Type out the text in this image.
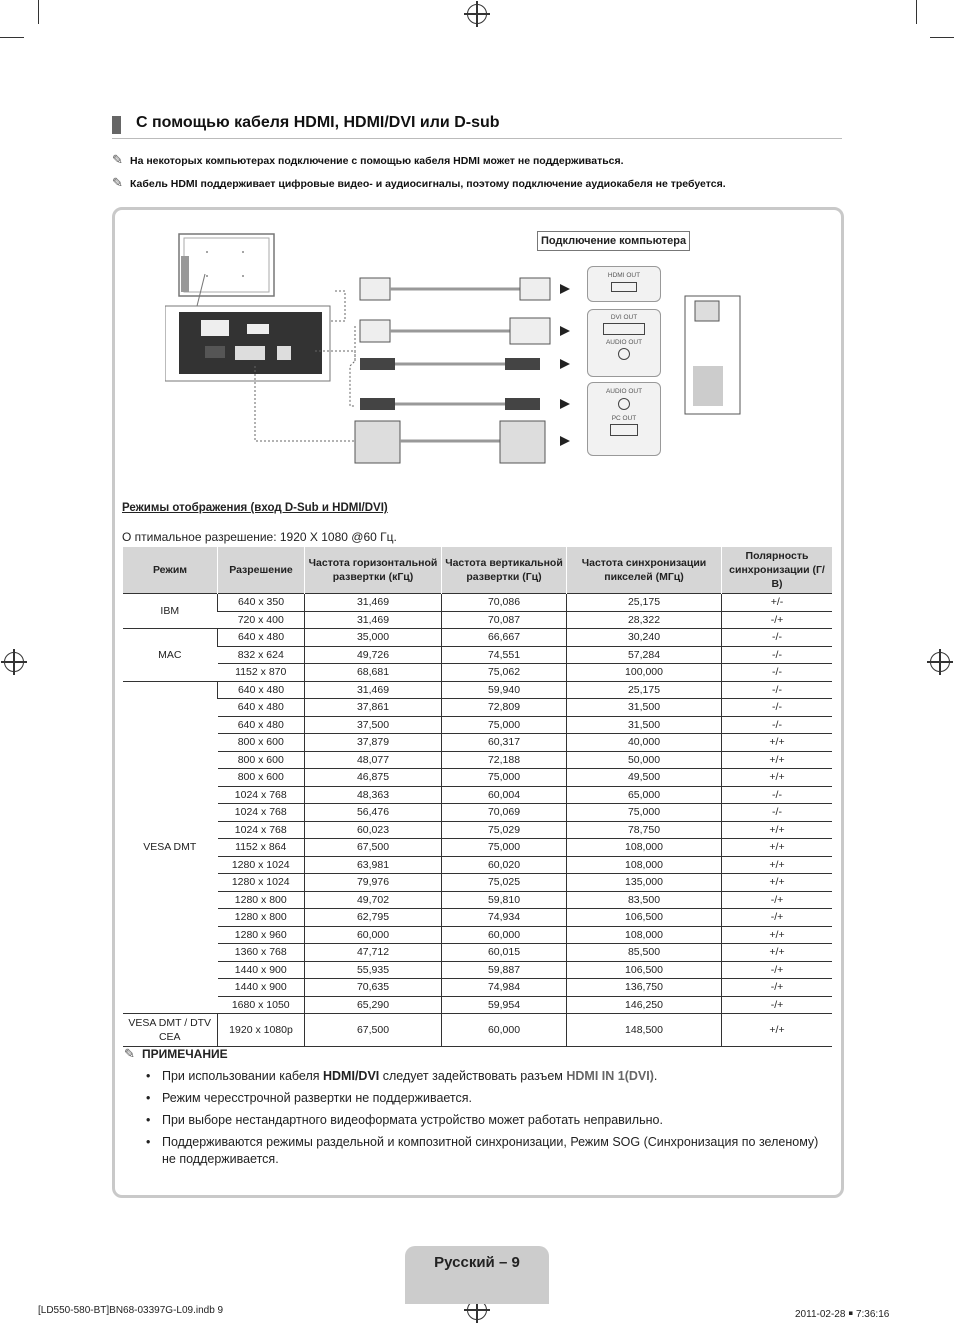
С помощью кабеля HDMI, HDMI/DVI или D-sub
✎ На некоторых компьютерах подключение с помощью кабеля HDMI может не поддерживаться.
✎ Кабель HDMI поддерживает цифровые видео- и аудиосигналы, поэтому подключение аудиокабеля не требуется.
Подключение компьютера
HDMI OUT
DVI OUT
AUDIO OUT
AUDIO OUT
PC OUT
Режимы отображения (вход D-Sub и HDMI/DVI)
О птимальное разрешение: 1920 X 1080 @60 Гц.
Режим	Разрешение	Частота горизонтальной развертки (кГц)	Частота вертикальной развертки (Гц)	Частота синхронизации пикселей (МГц)	Полярность синхронизации (Г/В)
IBM	640 x 350	31,469	70,086	25,175	+/-
	720 x 400	31,469	70,087	28,322	-/+
MAC	640 x 480	35,000	66,667	30,240	-/-
	832 x 624	49,726	74,551	57,284	-/-
	1152 x 870	68,681	75,062	100,000	-/-
VESA DMT	640 x 480	31,469	59,940	25,175	-/-
	640 x 480	37,861	72,809	31,500	-/-
	640 x 480	37,500	75,000	31,500	-/-
	800 x 600	37,879	60,317	40,000	+/+
	800 x 600	48,077	72,188	50,000	+/+
	800 x 600	46,875	75,000	49,500	+/+
	1024 x 768	48,363	60,004	65,000	-/-
	1024 x 768	56,476	70,069	75,000	-/-
	1024 x 768	60,023	75,029	78,750	+/+
	1152 x 864	67,500	75,000	108,000	+/+
	1280 x 1024	63,981	60,020	108,000	+/+
	1280 x 1024	79,976	75,025	135,000	+/+
	1280 x 800	49,702	59,810	83,500	-/+
	1280 x 800	62,795	74,934	106,500	-/+
	1280 x 960	60,000	60,000	108,000	+/+
	1360 x 768	47,712	60,015	85,500	+/+
	1440 x 900	55,935	59,887	106,500	-/+
	1440 x 900	70,635	74,984	136,750	-/+
	1680 x 1050	65,290	59,954	146,250	-/+
VESA DMT / DTV CEA	1920 x 1080p	67,500	60,000	148,500	+/+
✎ ПРИМЕЧАНИЕ
• При использовании кабеля HDMI/DVI следует задействовать разъем HDMI IN 1(DVI).
• Режим чересстрочной развертки не поддерживается.
• При выборе нестандартного видеоформата устройство может работать неправильно.
• Поддерживаются режимы раздельной и композитной синхронизации, Режим SOG (Синхронизация по зеленому) не поддерживается.
Русский – 9
[LD550-580-BT]BN68-03397G-L09.indb 9	2011-02-28 ￭ 7:36:16
